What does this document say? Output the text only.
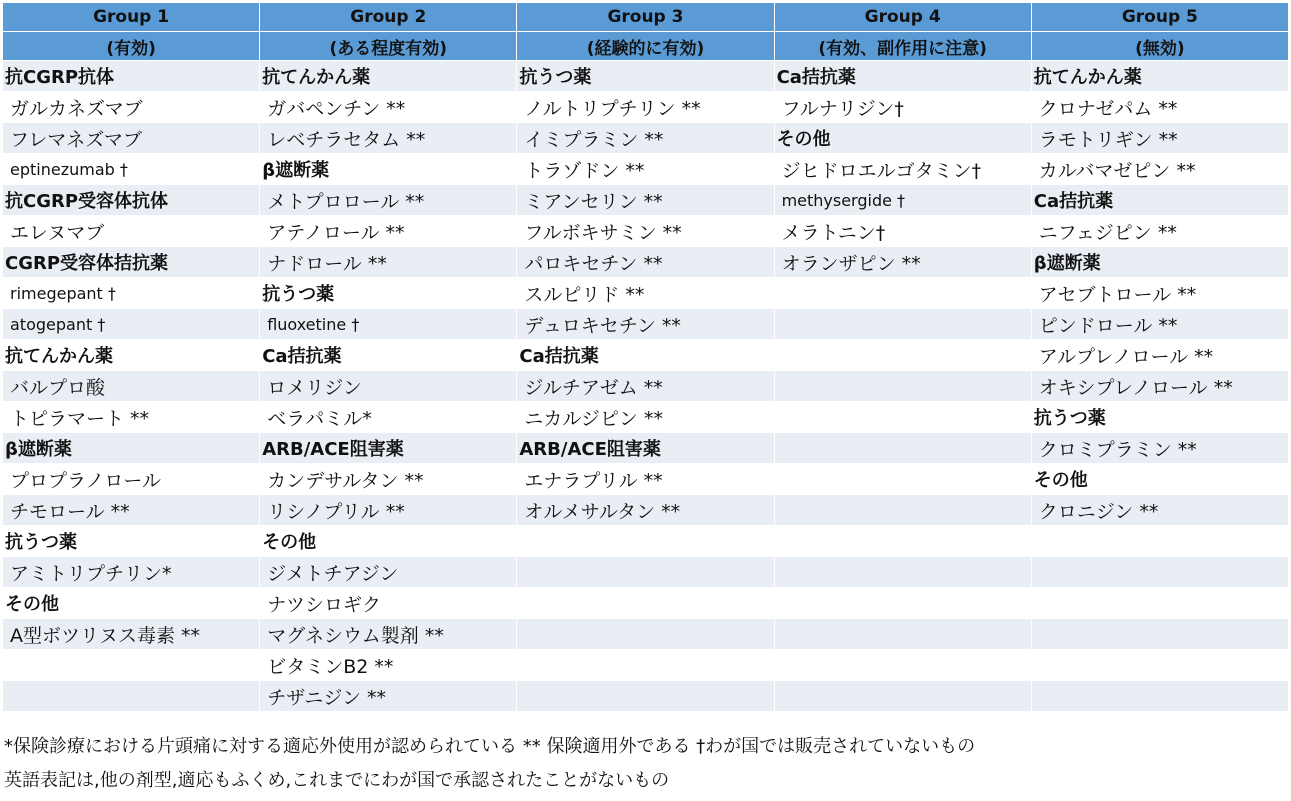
Group 1	Group 2	Group 3	Group 4	Group 5
(有効)	(ある程度有効)	(経験的に有効)	(有効、副作用に注意)	(無効)
抗CGRP抗体	抗てんかん薬	抗うつ薬	Ca拮抗薬	抗てんかん薬
ガルカネズマブ	ガバペンチン **	ノルトリプチリン **	フルナリジン†	クロナゼパム **
フレマネズマブ	レベチラセタム **	イミプラミン **	その他	ラモトリギン **
eptinezumab †	β遮断薬	トラゾドン **	ジヒドロエルゴタミン†	カルバマゼピン **
抗CGRP受容体抗体	メトプロロール **	ミアンセリン **	methysergide †	Ca拮抗薬
エレヌマブ	アテノロール **	フルボキサミン **	メラトニン†	ニフェジピン **
CGRP受容体拮抗薬	ナドロール **	パロキセチン **	オランザピン **	β遮断薬
rimegepant †	抗うつ薬	スルピリド **		アセブトロール **
atogepant †	fluoxetine †	デュロキセチン **		ピンドロール **
抗てんかん薬	Ca拮抗薬	Ca拮抗薬		アルプレノロール **
バルプロ酸	ロメリジン	ジルチアゼム **		オキシプレノロール **
トピラマート **	ベラパミル*	ニカルジピン **		抗うつ薬
β遮断薬	ARB/ACE阻害薬	ARB/ACE阻害薬		クロミプラミン **
プロプラノロール	カンデサルタン **	エナラプリル **		その他
チモロール **	リシノプリル **	オルメサルタン **		クロニジン **
抗うつ薬	その他			
アミトリプチリン*	ジメトチアジン			
その他	ナツシロギク			
A型ボツリヌス毒素 **	マグネシウム製剤 **			
	ビタミンB2 **			
	チザニジン **			
*保険診療における片頭痛に対する適応外使用が認められている ** 保険適用外である †わが国では販売されていないもの
英語表記は,他の剤型,適応もふくめ,これまでにわが国で承認されたことがないもの
